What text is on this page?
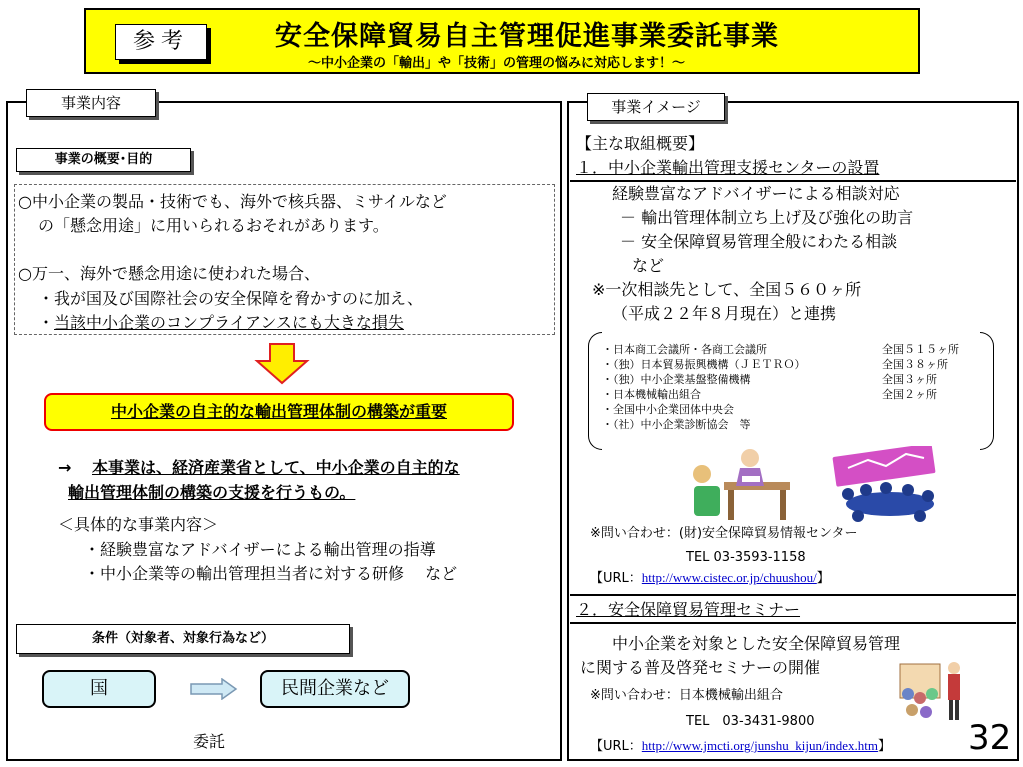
参考	安全保障貿易自主管理促進事業委託事業
～中小企業の「輸出」や「技術」の管理の悩みに対応します！～
事業内容
事業の概要･目的
○中小企業の製品・技術でも、海外で核兵器、ミサイルなど
の「懸念用途」に用いられるおそれがあります。
○万一、海外で懸念用途に使われた場合、
・我が国及び国際社会の安全保障を脅かすのに加え、
・当該中小企業のコンプライアンスにも大きな損失
中小企業の自主的な輸出管理体制の構築が重要
→ 本事業は、経済産業省として、中小企業の自主的な
輸出管理体制の構築の支援を行うもの。
＜具体的な事業内容＞
・経験豊富なアドバイザーによる輸出管理の指導
・中小企業等の輸出管理担当者に対する研修　 など
条件（対象者、対象行為など）
国	民間企業など
委託
事業イメージ
【主な取組概要】
１．中小企業輸出管理支援センターの設置
経験豊富なアドバイザーによる相談対応
－ 輸出管理体制立ち上げ及び強化の助言
－ 安全保障貿易管理全般にわたる相談
など
※一次相談先として、全国５６０ヶ所
（平成２２年８月現在）と連携
・日本商工会議所・各商工会議所	全国５１５ヶ所
・（独）日本貿易振興機構（ＪＥＴＲＯ）	全国３８ヶ所
・（独）中小企業基盤整備機構	全国３ヶ所
・日本機械輸出組合	全国２ヶ所
・全国中小企業団体中央会
・（社）中小企業診断協会　等
※問い合わせ：(財)安全保障貿易情報センター
TEL 03-3593-1158
【URL：http://www.cistec.or.jp/chuushou/】
２．安全保障貿易管理セミナー
中小企業を対象とした安全保障貿易管理
に関する普及啓発セミナーの開催
※問い合わせ：日本機械輸出組合
TEL　03-3431-9800
【URL：http://www.jmcti.org/junshu_kijun/index.htm】 32
